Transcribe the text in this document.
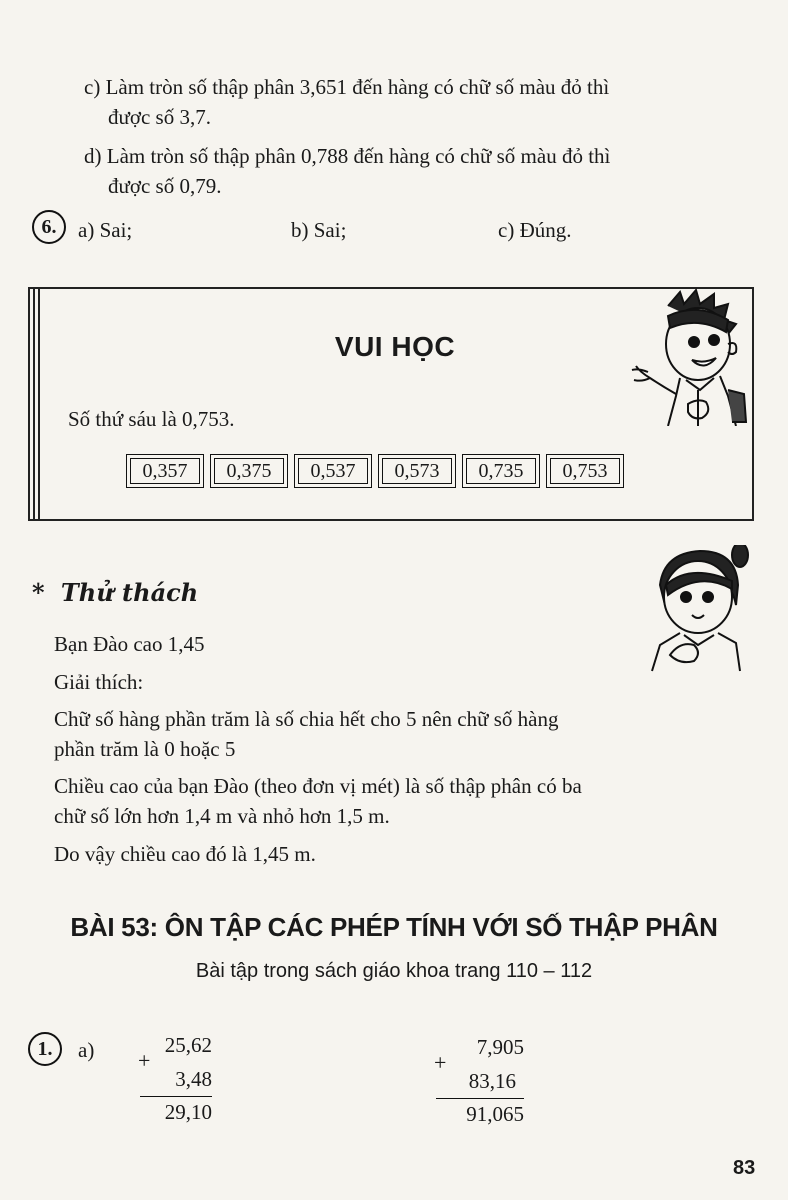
c) Làm tròn số thập phân 3,651 đến hàng có chữ số màu đỏ thì
được số 3,7.
d) Làm tròn số thập phân 0,788 đến hàng có chữ số màu đỏ thì
được số 0,79.
6.	a) Sai;	b) Sai;	c) Đúng.
VUI HỌC
Số thứ sáu là 0,753.
0,357	0,375	0,537	0,573	0,735	0,753
* Thử thách
Bạn Đào cao 1,45
Giải thích:
Chữ số hàng phần trăm là số chia hết cho 5 nên chữ số hàng
phần trăm là 0 hoặc 5
Chiều cao của bạn Đào (theo đơn vị mét) là số thập phân có ba
chữ số lớn hơn 1,4 m và nhỏ hơn 1,5 m.
Do vậy chiều cao đó là 1,45 m.
BÀI 53: ÔN TẬP CÁC PHÉP TÍNH VỚI SỐ THẬP PHÂN
Bài tập trong sách giáo khoa trang 110 – 112
1.	a) +
25,62
3,48
29,10
+
7,905
83,16
91,065
83
